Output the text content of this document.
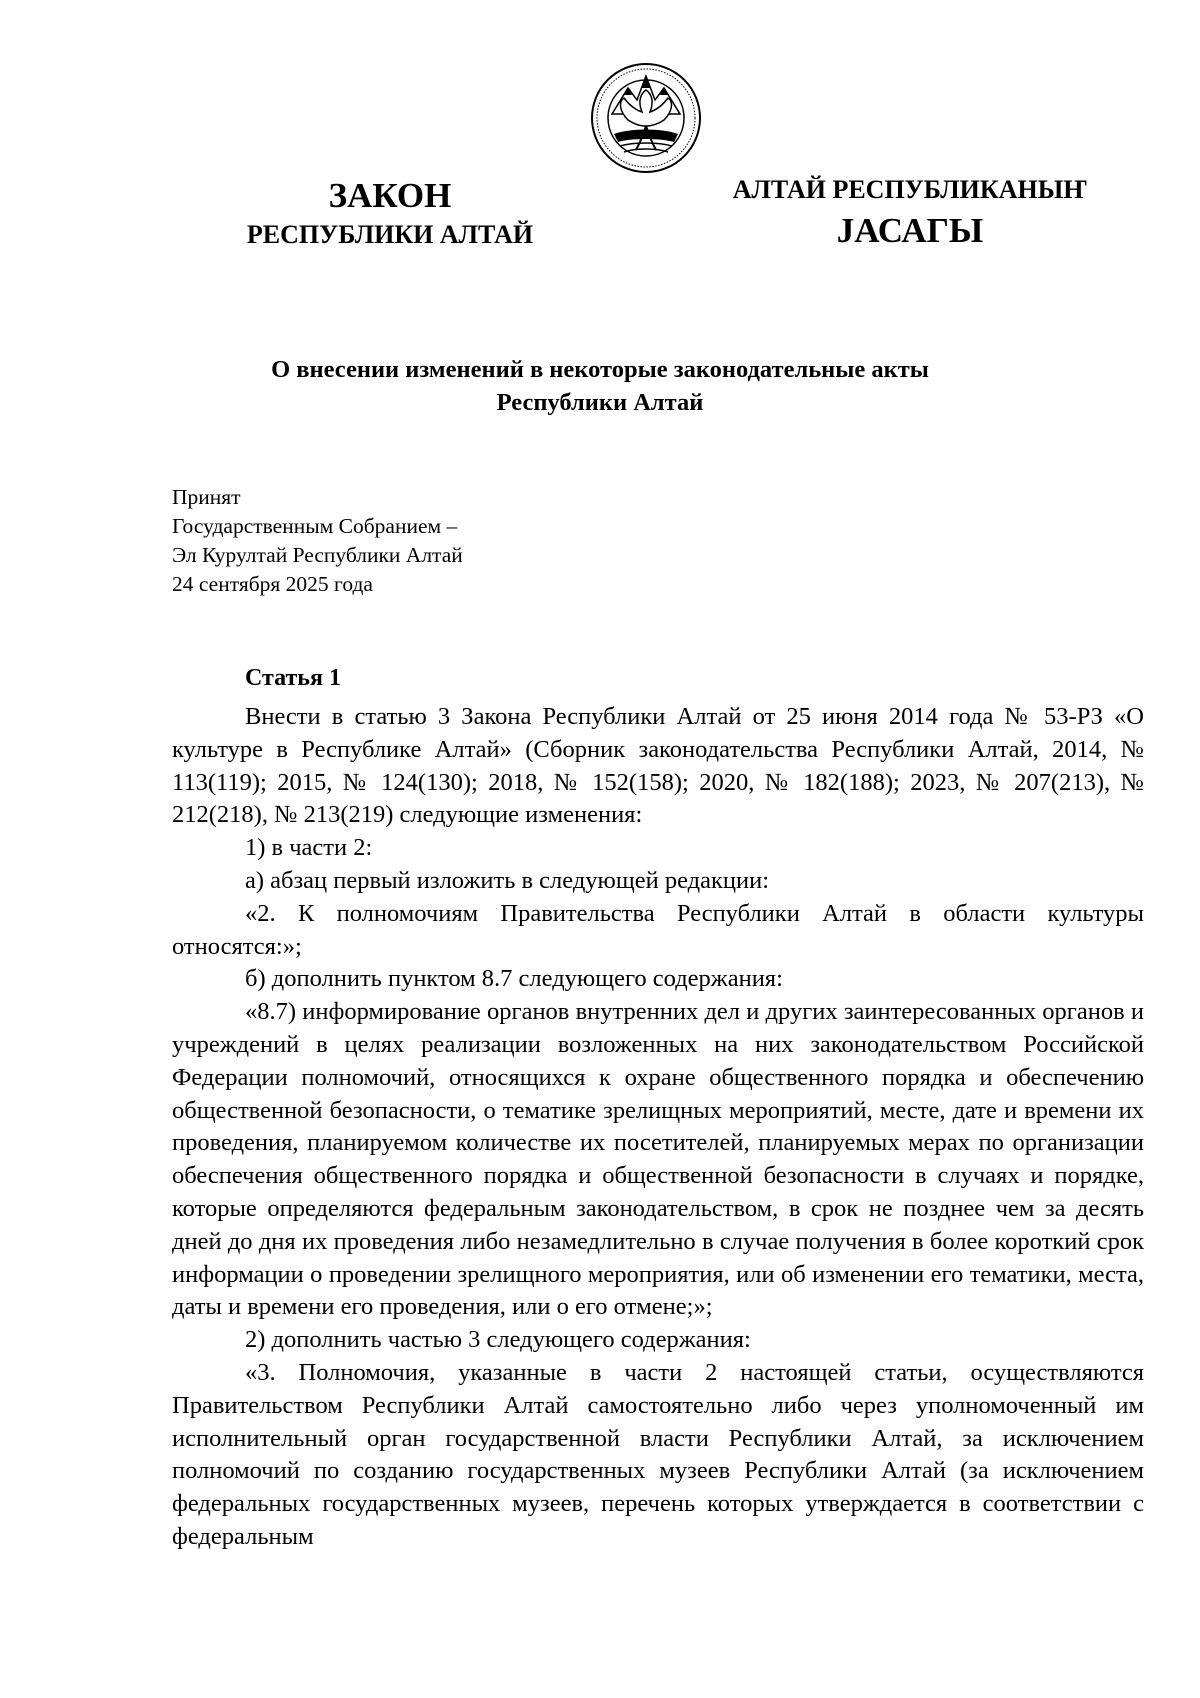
ЗАКОН
РЕСПУБЛИКИ АЛТАЙ
АЛТАЙ РЕСПУБЛИКАНЫҤ
ЈАСАГЫ
О внесении изменений в некоторые законодательные акты
Республики Алтай
Принят
Государственным Собранием –
Эл Курултай Республики Алтай
24 сентября 2025 года
Статья 1

Внести в статью 3 Закона Республики Алтай от 25 июня 2014 года № 53-РЗ «О культуре в Республике Алтай» (Сборник законодательства Республики Алтай, 2014, № 113(119); 2015, № 124(130); 2018, № 152(158); 2020, № 182(188); 2023, № 207(213), № 212(218), № 213(219) следующие изменения:

1) в части 2:

а) абзац первый изложить в следующей редакции:

«2. К полномочиям Правительства Республики Алтай в области культуры относятся:»;

б) дополнить пунктом 8.7 следующего содержания:

«8.7) информирование органов внутренних дел и других заинтересованных органов и учреждений в целях реализации возложенных на них законодательством Российской Федерации полномочий, относящихся к охране общественного порядка и обеспечению общественной безопасности, о тематике зрелищных мероприятий, месте, дате и времени их проведения, планируемом количестве их посетителей, планируемых мерах по организации обеспечения общественного порядка и общественной безопасности в случаях и порядке, которые определяются федеральным законодательством, в срок не позднее чем за десять дней до дня их проведения либо незамедлительно в случае получения в более короткий срок информации о проведении зрелищного мероприятия, или об изменении его тематики, места, даты и времени его проведения, или о его отмене;»;

2) дополнить частью 3 следующего содержания:

«3. Полномочия, указанные в части 2 настоящей статьи, осуществляются Правительством Республики Алтай самостоятельно либо через уполномоченный им исполнительный орган государственной власти Республики Алтай, за исключением полномочий по созданию государственных музеев Республики Алтай (за исключением федеральных государственных музеев, перечень которых утверждается в соответствии с федеральным
